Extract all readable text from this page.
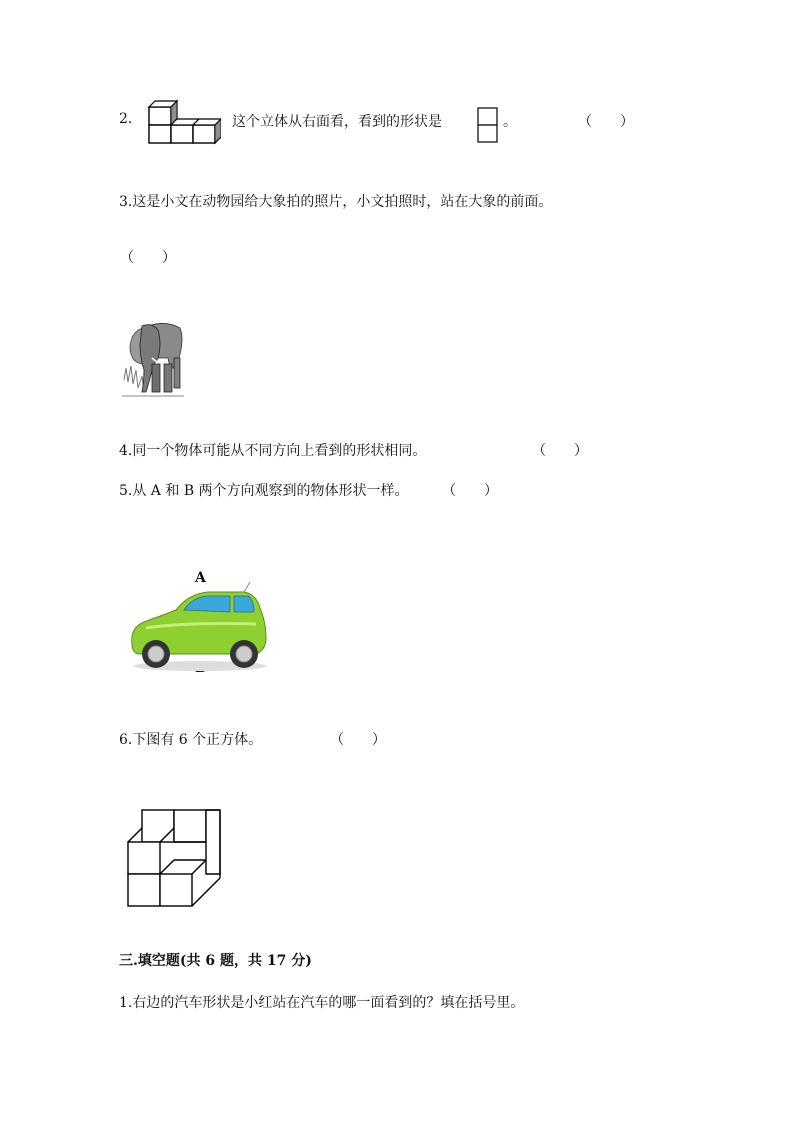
2.	这个立体从右面看，看到的形状是	。	（　　）
3.这是小文在动物园给大象拍的照片，小文拍照时，站在大象的前面。
（　　）
4.同一个物体可能从不同方向上看到的形状相同。	（　　）
5.从 A 和 B 两个方向观察到的物体形状一样。 （　　）
A
6.下图有 6 个正方体。	（　　）
三.填空题(共 6 题，共 17 分)
1.右边的汽车形状是小红站在汽车的哪一面看到的？填在括号里。
